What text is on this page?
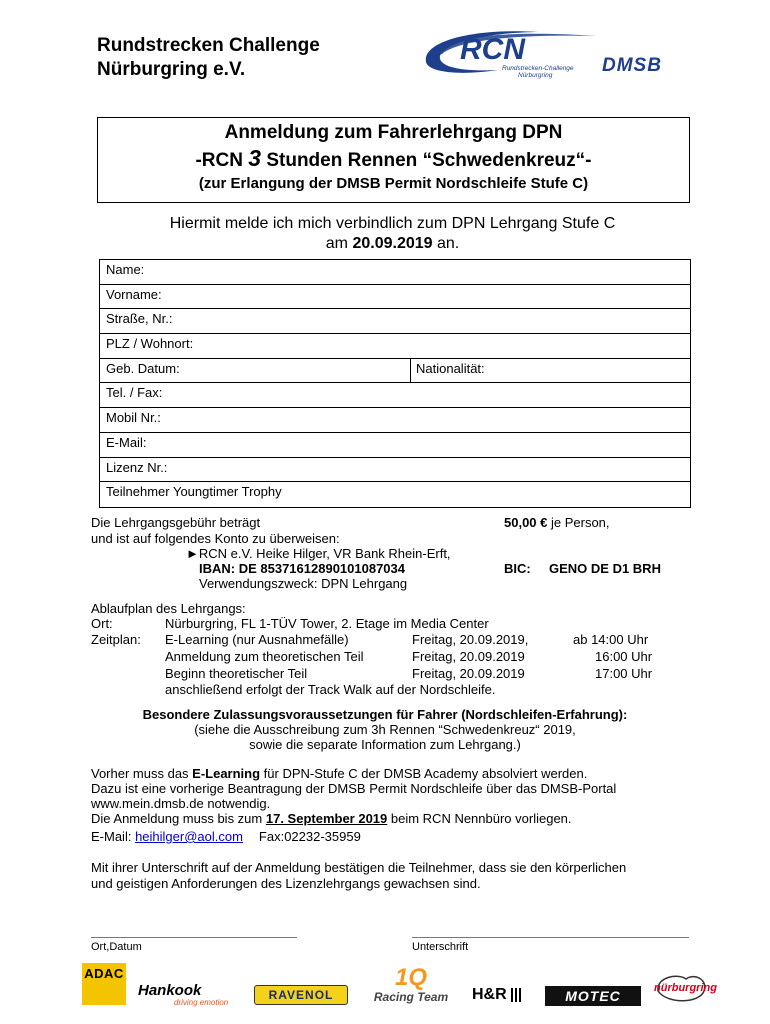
Rundstrecken Challenge
Nürburgring e.V.
RCN
Rundstrecken-Challenge
Nürburgring	DMSB
Anmeldung zum Fahrerlehrgang DPN
-RCN 3 Stunden Rennen “Schwedenkreuz“-
(zur Erlangung der DMSB Permit Nordschleife Stufe C)
Hiermit melde ich mich verbindlich zum DPN Lehrgang Stufe C
am 20.09.2019 an.
Name:
Vorname:
Straße, Nr.:
PLZ / Wohnort:
Geb. Datum:	Nationalität:
Tel. / Fax:
Mobil Nr.:
E-Mail:
Lizenz Nr.:
Teilnehmer Youngtimer Trophy
Die Lehrgangsgebühr beträgt	50,00 € je Person,
und ist auf folgendes Konto zu überweisen:
►RCN e.V. Heike Hilger, VR Bank Rhein-Erft,
IBAN: DE 85371612890101087034	BIC: GENO DE D1 BRH
Verwendungszweck: DPN Lehrgang
Ablaufplan des Lehrgangs:
Ort:	Nürburgring, FL 1-TÜV Tower, 2. Etage im Media Center
Zeitplan: E-Learning (nur Ausnahmefälle)	Freitag, 20.09.2019,	ab 14:00 Uhr
Anmeldung zum theoretischen Teil	Freitag, 20.09.2019	16:00 Uhr
Beginn theoretischer Teil	Freitag, 20.09.2019	17:00 Uhr
anschließend erfolgt der Track Walk auf der Nordschleife.
Besondere Zulassungsvoraussetzungen für Fahrer (Nordschleifen-Erfahrung):
(siehe die Ausschreibung zum 3h Rennen “Schwedenkreuz“ 2019,
sowie die separate Information zum Lehrgang.)
Vorher muss das E-Learning für DPN-Stufe C der DMSB Academy absolviert werden.
Dazu ist eine vorherige Beantragung der DMSB Permit Nordschleife über das DMSB-Portal
www.mein.dmsb.de notwendig.
Die Anmeldung muss bis zum 17. September 2019 beim RCN Nennbüro vorliegen.
E-Mail: heihilger@aol.com Fax:02232-35959
Mit ihrer Unterschrift auf der Anmeldung bestätigen die Teilnehmer, dass sie den körperlichen
und geistigen Anforderungen des Lizenzlehrgangs gewachsen sind.
Ort,Datum	Unterschrift
ADAC
Hankook
driving emotion
RAVENOL
1Q
Racing Team	H&R	MOTEC	nürburgring
